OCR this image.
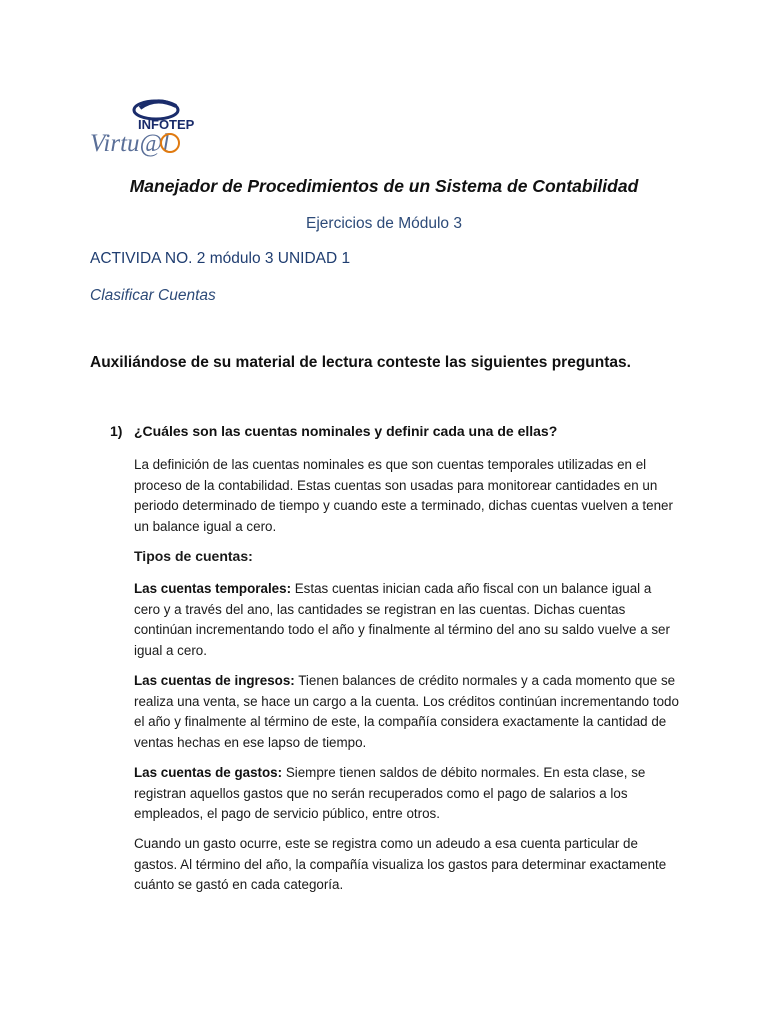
INFOTEP
Virtu@l
Manejador de Procedimientos de un Sistema de Contabilidad
Ejercicios de Módulo 3
ACTIVIDA NO. 2 módulo 3 UNIDAD 1
Clasificar Cuentas
Auxiliándose de su material de lectura conteste las siguientes preguntas.
1) ¿Cuáles son las cuentas nominales y definir cada una de ellas?
La definición de las cuentas nominales es que son cuentas temporales utilizadas en el proceso de la contabilidad. Estas cuentas son usadas para monitorear cantidades en un periodo determinado de tiempo y cuando este a terminado, dichas cuentas vuelven a tener un balance igual a cero.
Tipos de cuentas:
Las cuentas temporales: Estas cuentas inician cada año fiscal con un balance igual a cero y a través del ano, las cantidades se registran en las cuentas. Dichas cuentas continúan incrementando todo el año y finalmente al término del ano su saldo vuelve a ser igual a cero.
Las cuentas de ingresos: Tienen balances de crédito normales y a cada momento que se realiza una venta, se hace un cargo a la cuenta. Los créditos continúan incrementando todo el año y finalmente al término de este, la compañía considera exactamente la cantidad de ventas hechas en ese lapso de tiempo.
Las cuentas de gastos: Siempre tienen saldos de débito normales. En esta clase, se registran aquellos gastos que no serán recuperados como el pago de salarios a los empleados, el pago de servicio público, entre otros.
Cuando un gasto ocurre, este se registra como un adeudo a esa cuenta particular de gastos. Al término del año, la compañía visualiza los gastos para determinar exactamente cuánto se gastó en cada categoría.
